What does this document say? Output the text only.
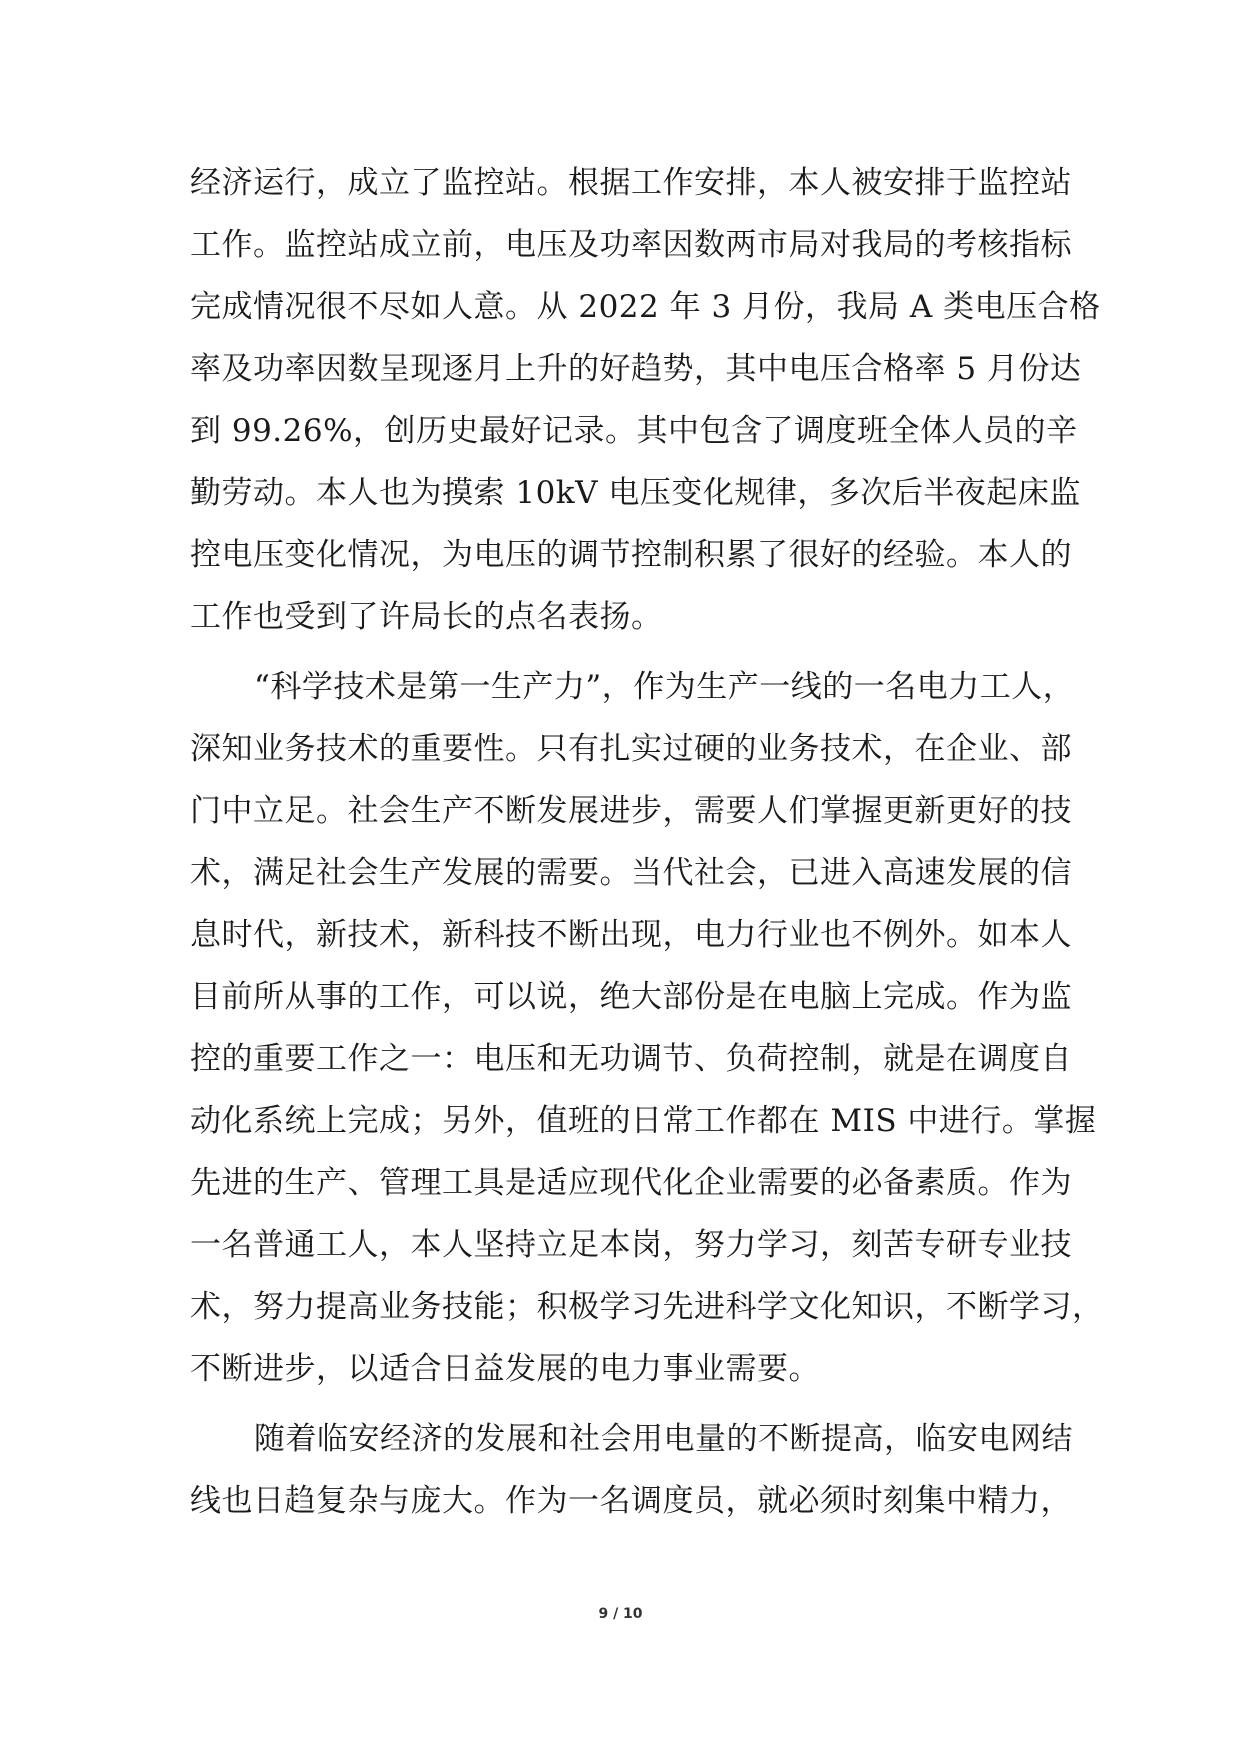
经济运行，成立了监控站。根据工作安排，本人被安排于监控站
工作。监控站成立前，电压及功率因数两市局对我局的考核指标
完成情况很不尽如人意。从 2022 年 3 月份，我局 A 类电压合格
率及功率因数呈现逐月上升的好趋势，其中电压合格率 5 月份达
到 99.26%，创历史最好记录。其中包含了调度班全体人员的辛
勤劳动。本人也为摸索 10kV 电压变化规律，多次后半夜起床监
控电压变化情况，为电压的调节控制积累了很好的经验。本人的
工作也受到了许局长的点名表扬。
“科学技术是第一生产力”，作为生产一线的一名电力工人，
深知业务技术的重要性。只有扎实过硬的业务技术，在企业、部
门中立足。社会生产不断发展进步，需要人们掌握更新更好的技
术，满足社会生产发展的需要。当代社会，已进入高速发展的信
息时代，新技术，新科技不断出现，电力行业也不例外。如本人
目前所从事的工作，可以说，绝大部份是在电脑上完成。作为监
控的重要工作之一：电压和无功调节、负荷控制，就是在调度自
动化系统上完成；另外，值班的日常工作都在 MIS 中进行。掌握
先进的生产、管理工具是适应现代化企业需要的必备素质。作为
一名普通工人，本人坚持立足本岗，努力学习，刻苦专研专业技
术，努力提高业务技能；积极学习先进科学文化知识，不断学习，
不断进步，以适合日益发展的电力事业需要。
随着临安经济的发展和社会用电量的不断提高，临安电网结
线也日趋复杂与庞大。作为一名调度员，就必须时刻集中精力，
9 / 10
